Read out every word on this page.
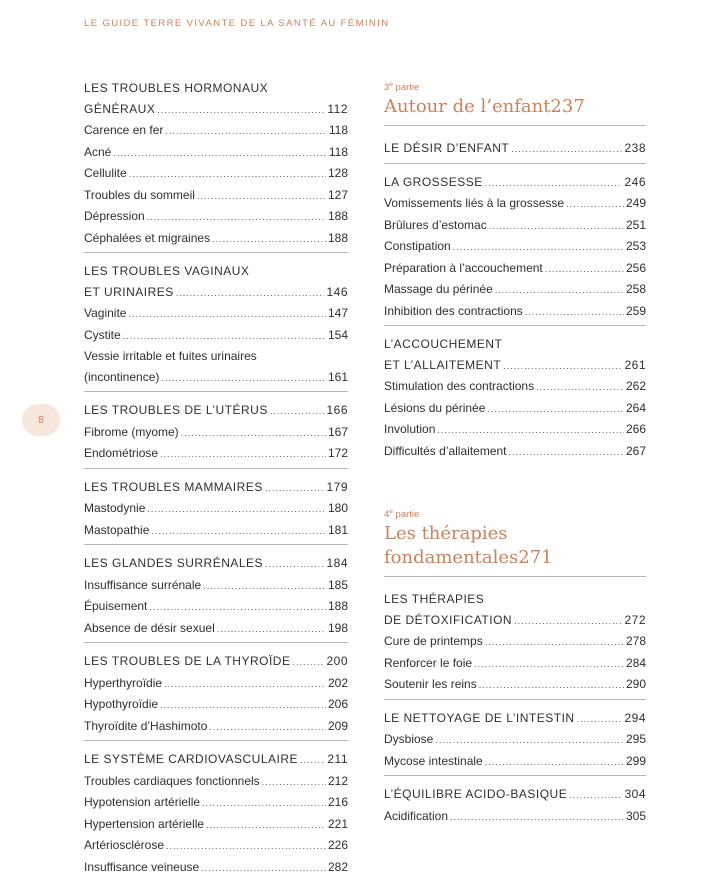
LE GUIDE TERRE VIVANTE DE LA SANTÉ AU FÉMININ
8
LES TROUBLES HORMONAUX
GÉNÉRAUX .....	112
Carence en fer .....	118
Acné .....	118
Cellulite .....	128
Troubles du sommeil .....	127
Dépression .....	188
Céphalées et migraines .....	188
LES TROUBLES VAGINAUX
ET URINAIRES .....	146
Vaginite .....	147
Cystite .....	154
Vessie irritable et fuites urinaires
(incontinence) .....	161
LES TROUBLES DE L’UTÉRUS .....	166
Fibrome (myome) .....	167
Endométriose .....	172
LES TROUBLES MAMMAIRES .....	179
Mastodynie .....	180
Mastopathie .....	181
LES GLANDES SURRÉNALES .....	184
Insuffisance surrénale .....	185
Épuisement .....	188
Absence de désir sexuel .....	198
LES TROUBLES DE LA THYROÏDE .....	200
Hyperthyroïdie .....	202
Hypothyroïdie .....	206
Thyroïdite d’Hashimoto .....	209
LE SYSTÈME CARDIOVASCULAIRE ..... 211
Troubles cardiaques fonctionnels .....	212
Hypotension artérielle .....	216
Hypertension artérielle .....	221
Artériosclérose .....	226
Insuffisance veineuse .....	282
3e partie
Autour de l’enfant 237
LE DÉSIR D’ENFANT .....	238
LA GROSSESSE .....	246
Vomissements liés à la grossesse .....	249
Brûlures d’estomac .....	251
Constipation .....	253
Préparation à l’accouchement .....	256
Massage du périnée .....	258
Inhibition des contractions .....	259
L’ACCOUCHEMENT
ET L’ALLAITEMENT .....	261
Stimulation des contractions .....	262
Lésions du périnée .....	264
Involution .....	266
Difficultés d’allaitement .....	267
4e partie
Les thérapies
fondamentales 271
LES THÉRAPIES
DE DÉTOXIFICATION .....	272
Cure de printemps .....	278
Renforcer le foie .....	284
Soutenir les reins .....	290
LE NETTOYAGE DE L’INTESTIN .....	294
Dysbiose .....	295
Mycose intestinale .....	299
L’ÉQUILIBRE ACIDO-BASIQUE .....	304
Acidification .....	305
